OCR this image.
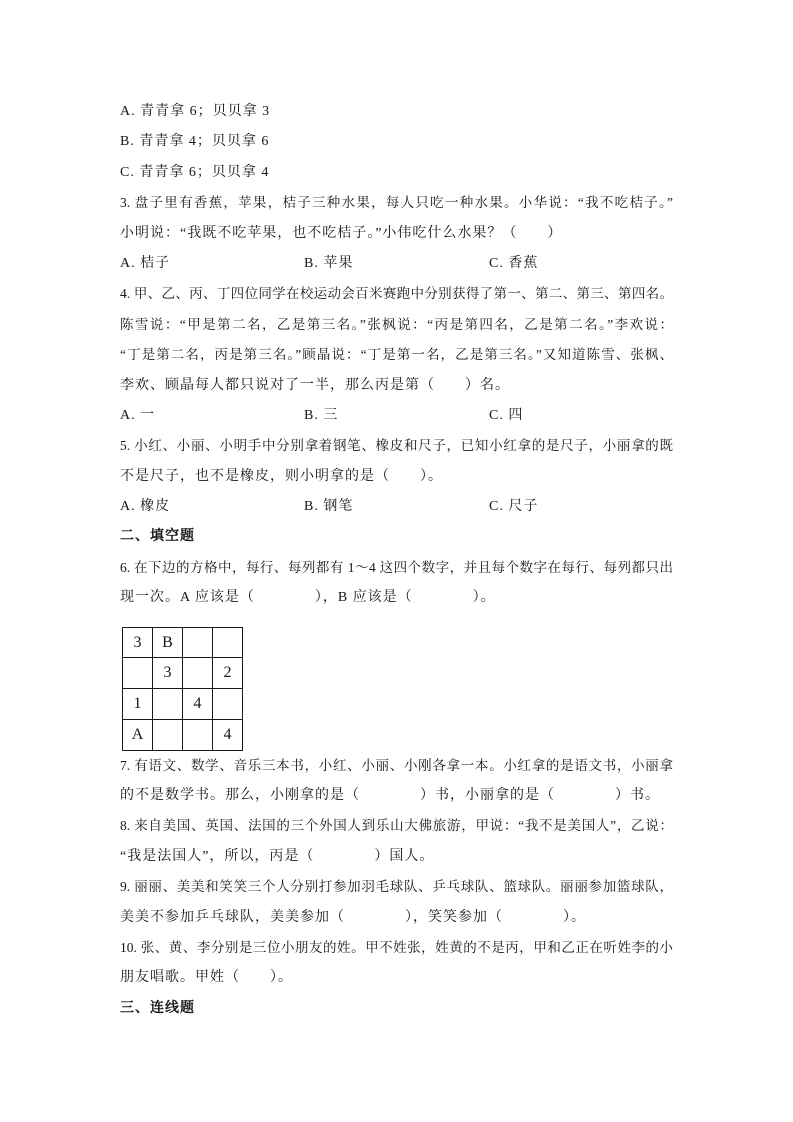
A. 青青拿 6；贝贝拿 3
B. 青青拿 4；贝贝拿 6
C. 青青拿 6；贝贝拿 4
3. 盘子里有香蕉，苹果，桔子三种水果，每人只吃一种水果。小华说：“我不吃桔子。”
小明说：“我既不吃苹果，也不吃桔子。”小伟吃什么水果？（　　）
A. 桔子	B. 苹果	C. 香蕉
4. 甲、乙、丙、丁四位同学在校运动会百米赛跑中分别获得了第一、第二、第三、第四名。
陈雪说：“甲是第二名，乙是第三名。”张枫说：“丙是第四名，乙是第二名。”李欢说：
“丁是第二名，丙是第三名。”顾晶说：“丁是第一名，乙是第三名。”又知道陈雪、张枫、
李欢、顾晶每人都只说对了一半，那么丙是第（　　）名。
A. 一	B. 三	C. 四
5. 小红、小丽、小明手中分别拿着钢笔、橡皮和尺子，已知小红拿的是尺子，小丽拿的既
不是尺子，也不是橡皮，则小明拿的是（　　）。
A. 橡皮	B. 钢笔	C. 尺子
二、填空题
6. 在下边的方格中，每行、每列都有 1～4 这四个数字，并且每个数字在每行、每列都只出
现一次。A 应该是（　　　　），B 应该是（　　　　）。
3	B		
	3		2
1		4	
A			4
7. 有语文、数学、音乐三本书，小红、小丽、小刚各拿一本。小红拿的是语文书，小丽拿
的不是数学书。那么，小刚拿的是（　　　　）书，小丽拿的是（　　　　）书。
8. 来自美国、英国、法国的三个外国人到乐山大佛旅游，甲说：“我不是美国人”，乙说：
“我是法国人”，所以，丙是（　　　　）国人。
9. 丽丽、美美和笑笑三个人分别打参加羽毛球队、乒乓球队、篮球队。丽丽参加篮球队，
美美不参加乒乓球队，美美参加（　　　　），笑笑参加（　　　　）。
10. 张、黄、李分别是三位小朋友的姓。甲不姓张，姓黄的不是丙，甲和乙正在听姓李的小
朋友唱歌。甲姓（　　）。
三、连线题
